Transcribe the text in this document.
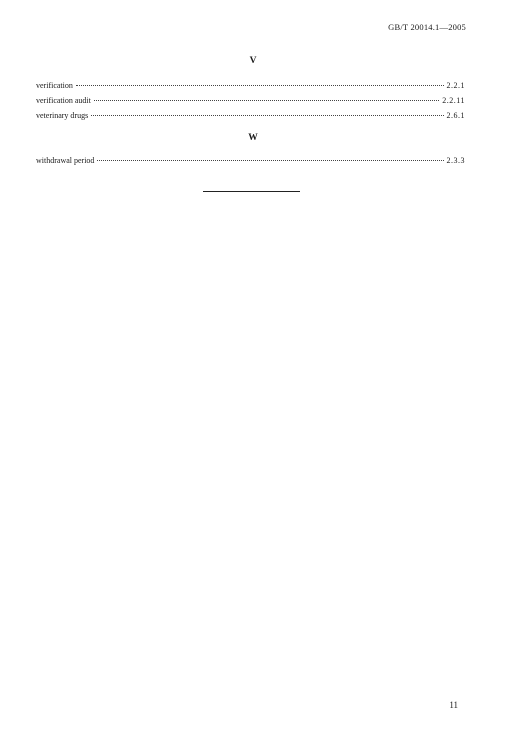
GB/T 20014.1—2005
V
verification	2.2.1
verification audit	2.2.11
veterinary drugs	2.6.1
W
withdrawal period	2.3.3
11
